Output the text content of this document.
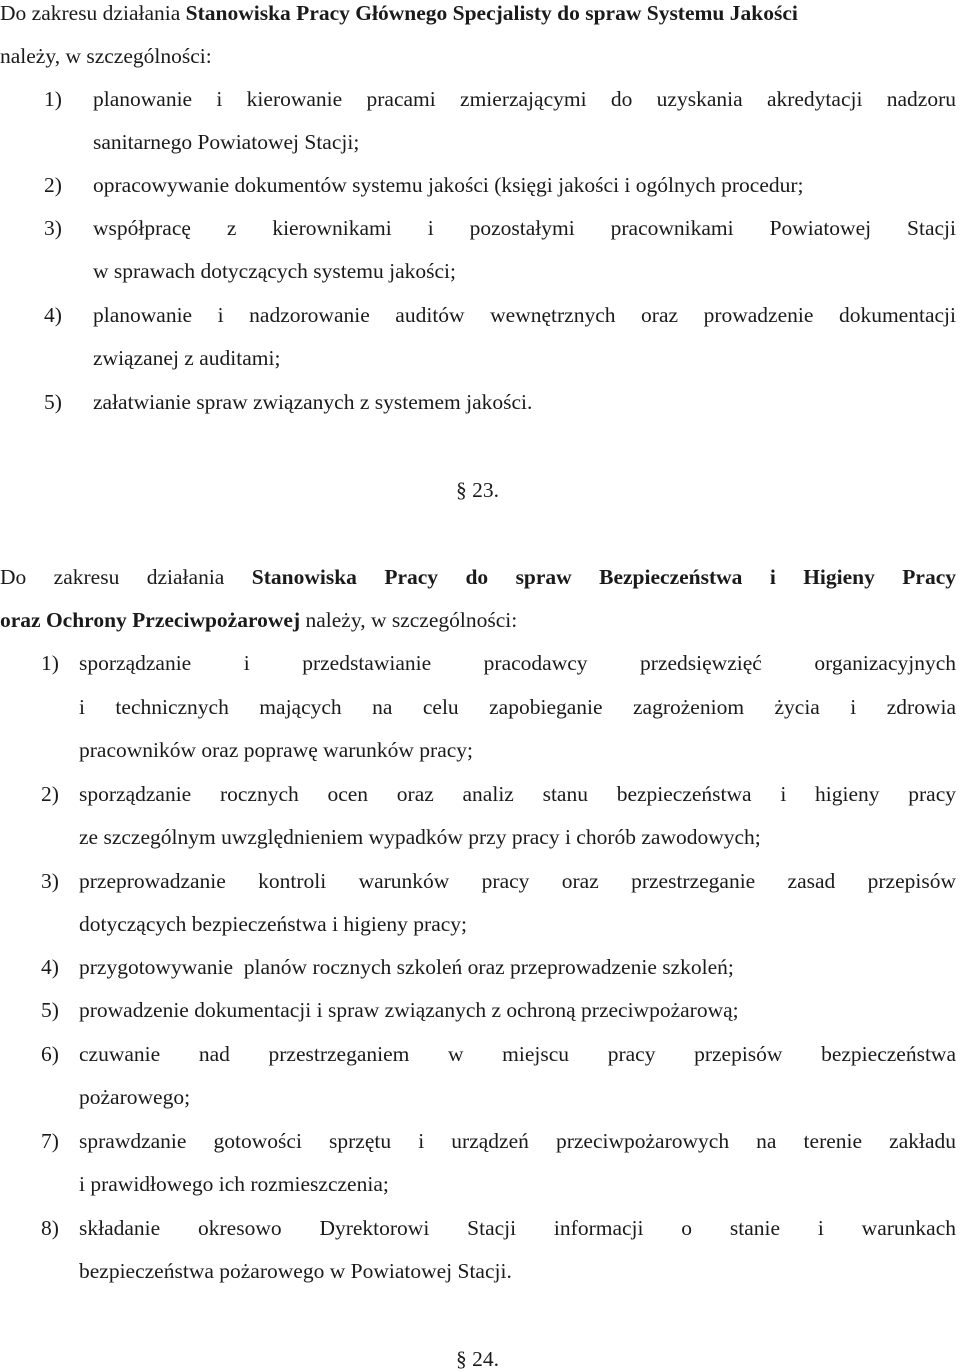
Do zakresu działania Stanowiska Pracy Głównego Specjalisty do spraw Systemu Jakości
należy, w szczególności:
1) planowanie i kierowanie pracami zmierzającymi do uzyskania akredytacji nadzoru
sanitarnego Powiatowej Stacji;
2) opracowywanie dokumentów systemu jakości (księgi jakości i ogólnych procedur;
3) współpracę z kierownikami i pozostałymi pracownikami Powiatowej Stacji
w sprawach dotyczących systemu jakości;
4) planowanie i nadzorowanie auditów wewnętrznych oraz prowadzenie dokumentacji
związanej z auditami;
5) załatwianie spraw związanych z systemem jakości.
§ 23.
Do zakresu działania Stanowiska Pracy do spraw Bezpieczeństwa i Higieny Pracy
oraz Ochrony Przeciwpożarowej należy, w szczególności:
1) sporządzanie i przedstawianie pracodawcy przedsięwzięć organizacyjnych
i technicznych mających na celu zapobieganie zagrożeniom życia i zdrowia
pracowników oraz poprawę warunków pracy;
2) sporządzanie rocznych ocen oraz analiz stanu bezpieczeństwa i higieny pracy
ze szczególnym uwzględnieniem wypadków przy pracy i chorób zawodowych;
3) przeprowadzanie kontroli warunków pracy oraz przestrzeganie zasad przepisów
dotyczących bezpieczeństwa i higieny pracy;
4) przygotowywanie  planów rocznych szkoleń oraz przeprowadzenie szkoleń;
5) prowadzenie dokumentacji i spraw związanych z ochroną przeciwpożarową;
6) czuwanie nad przestrzeganiem w miejscu pracy przepisów bezpieczeństwa
pożarowego;
7) sprawdzanie gotowości sprzętu i urządzeń przeciwpożarowych na terenie zakładu
i prawidłowego ich rozmieszczenia;
8) składanie okresowo Dyrektorowi Stacji informacji o stanie i warunkach
bezpieczeństwa pożarowego w Powiatowej Stacji.
§ 24.
